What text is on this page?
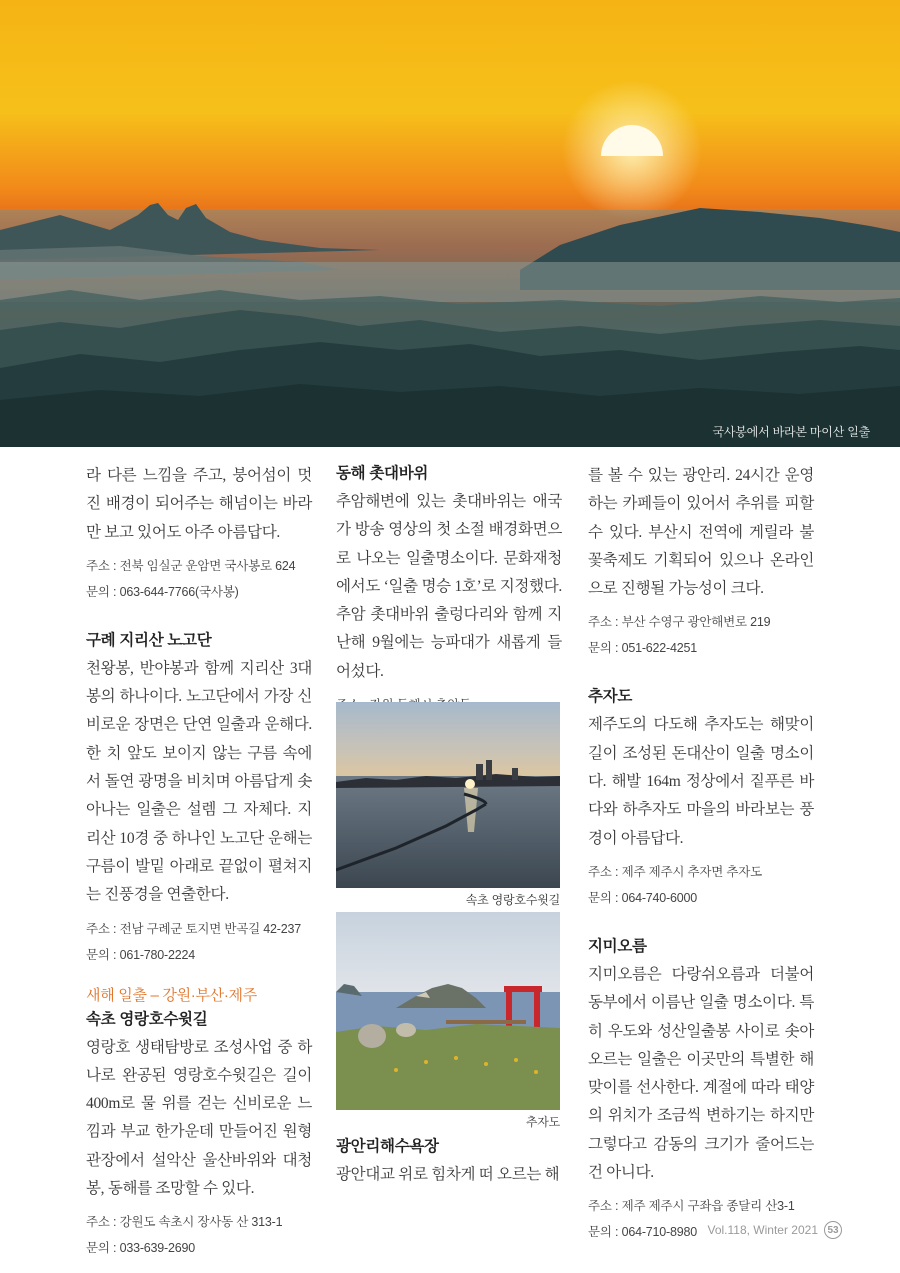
국사봉에서 바라본 마이산 일출

라 다른 느낌을 주고, 붕어섬이 멋진 배경이 되어주는 해넘이는 바라만 보고 있어도 아주 아름답다.

주소 : 전북 임실군 운암면 국사봉로 624

문의 : 063-644-7766(국사봉)

구례 지리산 노고단

천왕봉, 반야봉과 함께 지리산 3대 봉의 하나이다. 노고단에서 가장 신비로운 장면은 단연 일출과 운해다. 한 치 앞도 보이지 않는 구름 속에서 돌연 광명을 비치며 아름답게 솟아나는 일출은 설렘 그 자체다. 지리산 10경 중 하나인 노고단 운해는 구름이 발밑 아래로 끝없이 펼쳐지는 진풍경을 연출한다.

주소 : 전남 구례군 토지면 반곡길 42-237

문의 : 061-780-2224

새해 일출 – 강원·부산·제주

속초 영랑호수윗길

영랑호 생태탐방로 조성사업 중 하나로 완공된 영랑호수윗길은 길이 400m로 물 위를 걷는 신비로운 느낌과 부교 한가운데 만들어진 원형 관장에서 설악산 울산바위와 대청봉, 동해를 조망할 수 있다.

주소 : 강원도 속초시 장사동 산 313-1

문의 : 033-639-2690

동해 촛대바위

추암해변에 있는 촛대바위는 애국가 방송 영상의 첫 소절 배경화면으로 나오는 일출명소이다. 문화재청에서도 ‘일출 명승 1호’로 지정했다. 추암 촛대바위 출렁다리와 함께 지난해 9월에는 능파대가 새롭게 들어섰다.

속초 영랑호수윗길
추자도

광안리해수욕장

광안대교 위로 힘차게 떠 오르는 해

를 볼 수 있는 광안리. 24시간 운영하는 카페들이 있어서 추위를 피할 수 있다. 부산시 전역에 게릴라 불꽃축제도 기획되어 있으나 온라인으로 진행될 가능성이 크다.

주소 : 부산 수영구 광안해변로 219

문의 : 051-622-4251

추자도

제주도의 다도해 추자도는 해맞이길이 조성된 돈대산이 일출 명소이다. 해발 164m 정상에서 짙푸른 바다와 하추자도 마을의 바라보는 풍경이 아름답다.

주소 : 제주 제주시 추자면 추자도

문의 : 064-740-6000

지미오름

지미오름은 다랑쉬오름과 더불어 동부에서 이름난 일출 명소이다. 특히 우도와 성산일출봉 사이로 솟아오르는 일출은 이곳만의 특별한 해맞이를 선사한다. 계절에 따라 태양의 위치가 조금씩 변하기는 하지만 그렇다고 감동의 크기가 줄어드는 건 아니다.

주소 : 제주 제주시 구좌읍 종달리 산3-1

문의 : 064-710-8980 Vol.118, Winter 2021 53
